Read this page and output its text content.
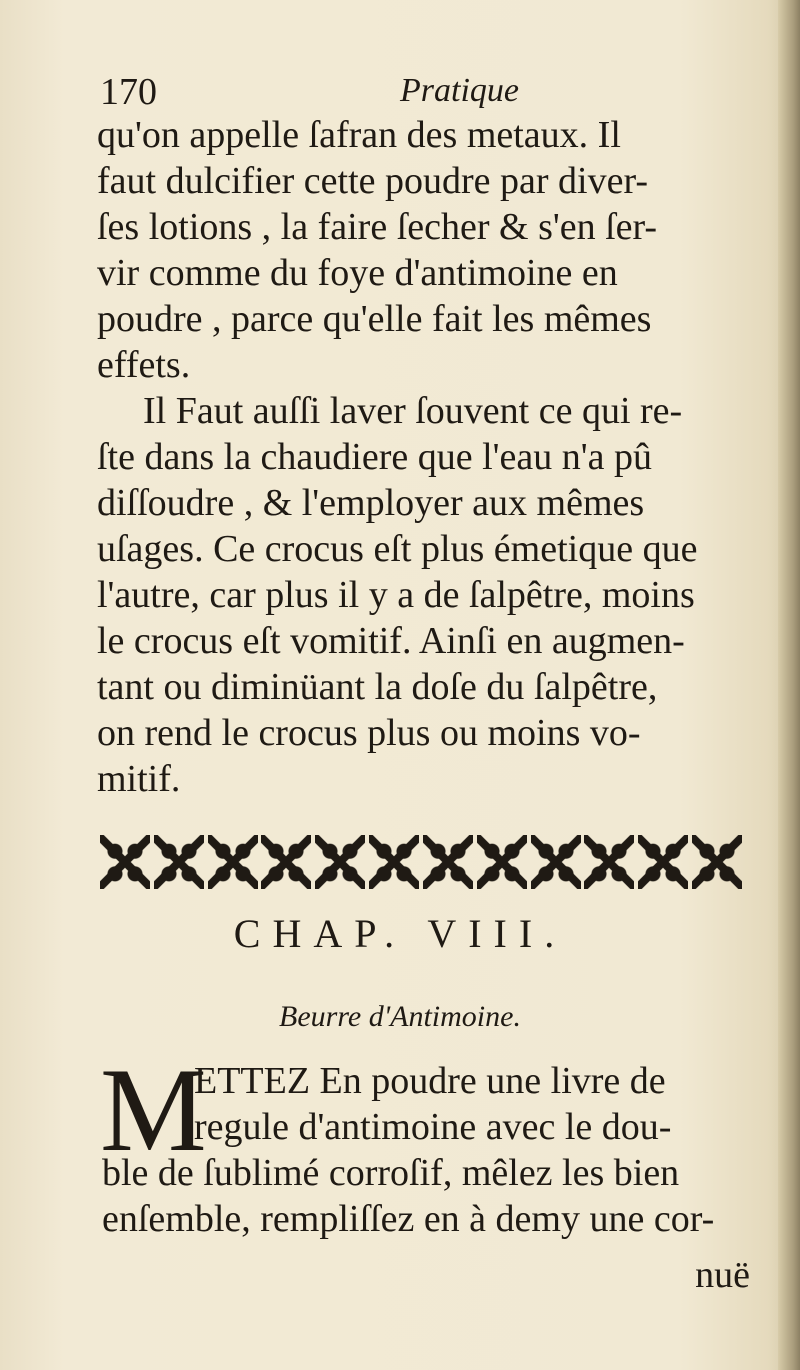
170	Pratique
qu'on appelle ſafran des metaux. Il
faut dulcifier cette poudre par diver-
ſes lotions , la faire ſecher & s'en ſer-
vir comme du foye d'antimoine en
poudre , parce qu'elle fait les mêmes
effets.
Il Faut auſſi laver ſouvent ce qui re-
ſte dans la chaudiere que l'eau n'a pû
diſſoudre , & l'employer aux mêmes
uſages. Ce crocus eſt plus émetique que
l'autre, car plus il y a de ſalpêtre, moins
le crocus eſt vomitif. Ainſi en augmen-
tant ou diminüant la doſe du ſalpêtre,
on rend le crocus plus ou moins vo-
mitif.
CHAP. VIII.
Beurre d'Antimoine.
M
ETTEZ En poudre une livre de
regule d'antimoine avec le dou-
ble de ſublimé corroſif, mêlez les bien
enſemble, rempliſſez en à demy une cor-
nuë
